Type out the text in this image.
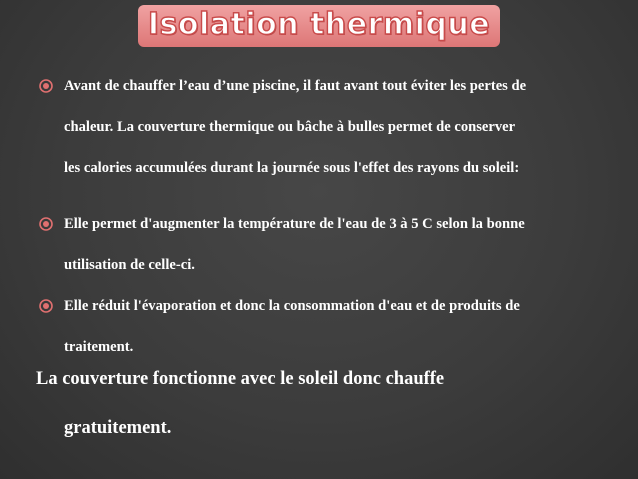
Isolation thermique
Avant de chauffer l’eau d’une piscine, il faut avant tout éviter les pertes de
chaleur. La couverture thermique ou bâche à bulles permet de conserver
les calories accumulées durant la journée sous l'effet des rayons du soleil:
Elle permet d'augmenter la température de l'eau de 3 à 5 C selon la bonne
utilisation de celle-ci.
Elle réduit l'évaporation et donc la consommation d'eau et de produits de
traitement.
La couverture fonctionne avec le soleil donc chauffe
gratuitement.
